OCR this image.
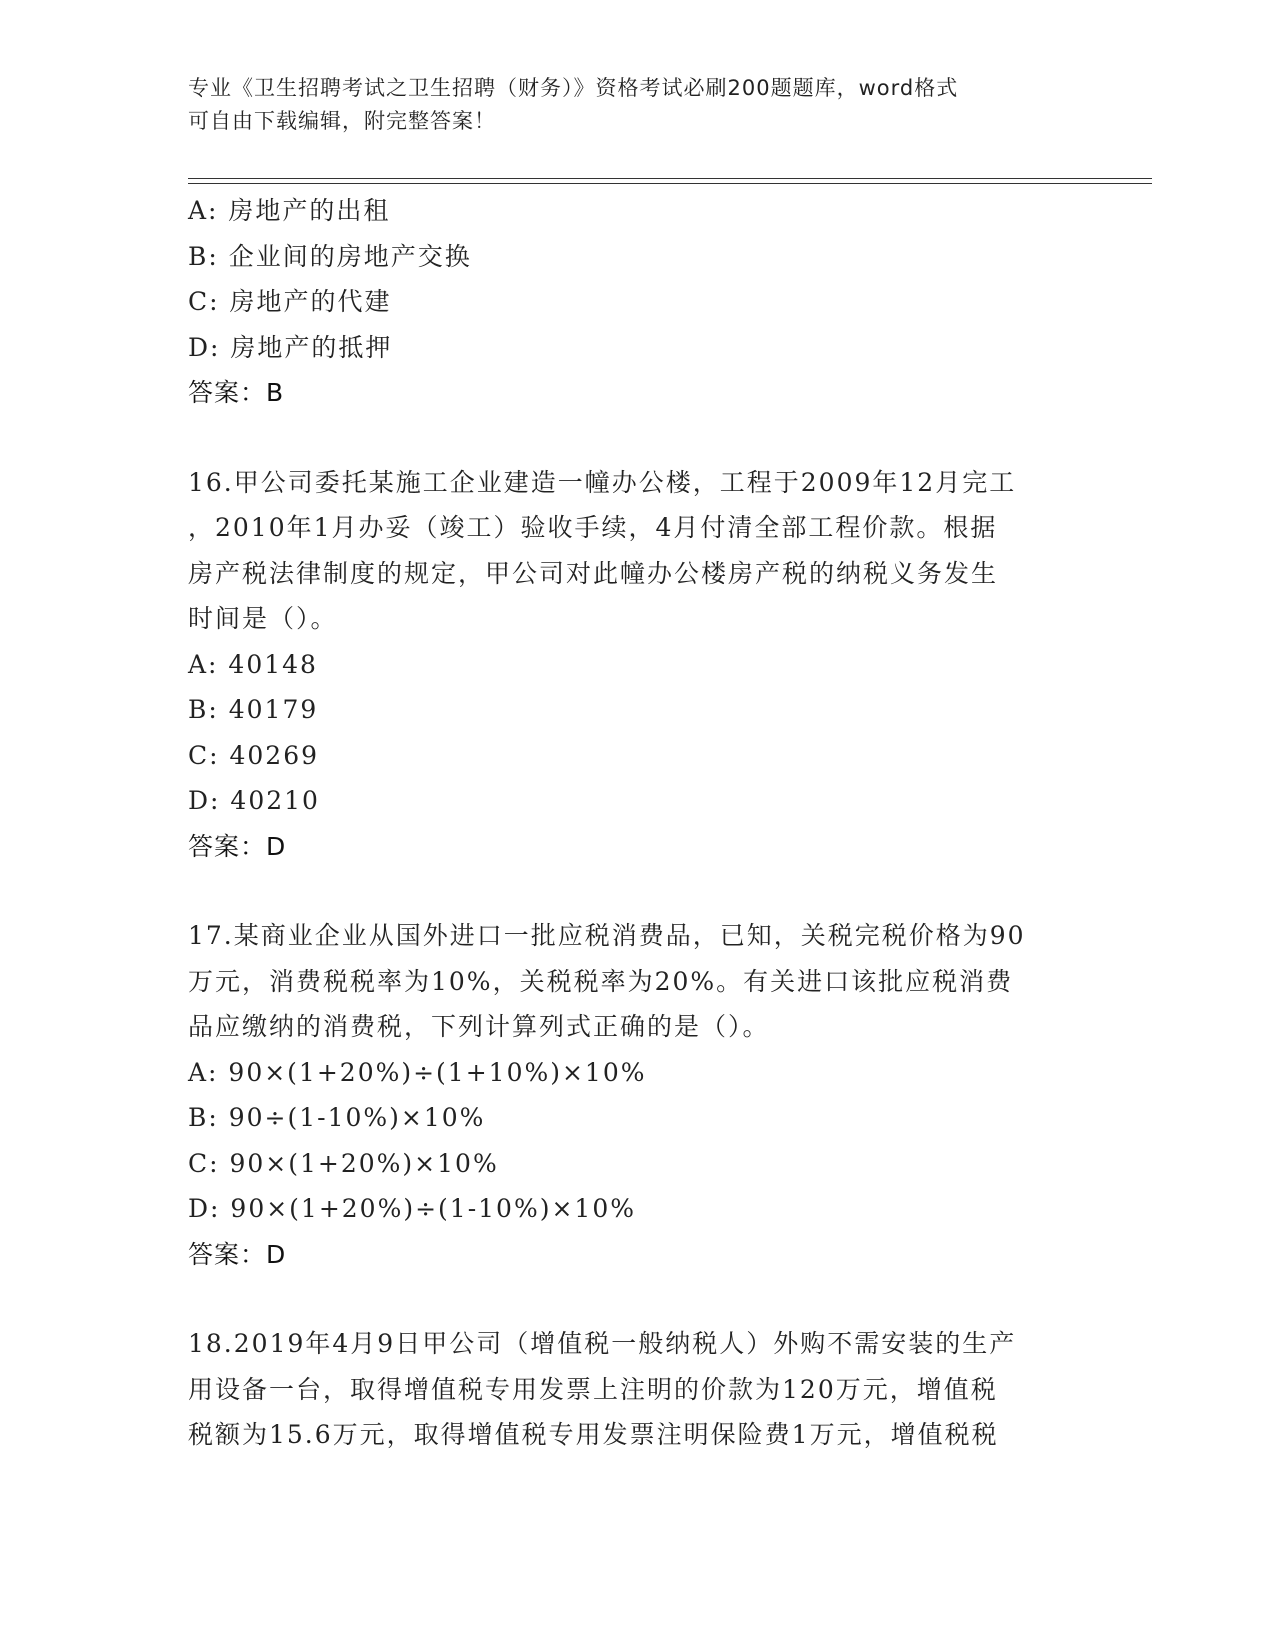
专业《卫生招聘考试之卫生招聘（财务）》资格考试必刷200题题库，word格式
可自由下载编辑，附完整答案！
A: 房地产的出租
B: 企业间的房地产交换
C: 房地产的代建
D: 房地产的抵押
答案：B
16.甲公司委托某施工企业建造一幢办公楼，工程于2009年12月完工
，2010年1月办妥（竣工）验收手续，4月付清全部工程价款。根据
房产税法律制度的规定，甲公司对此幢办公楼房产税的纳税义务发生
时间是（）。
A: 40148
B: 40179
C: 40269
D: 40210
答案：D
17.某商业企业从国外进口一批应税消费品，已知，关税完税价格为90
万元，消费税税率为10%，关税税率为20%。有关进口该批应税消费
品应缴纳的消费税，下列计算列式正确的是（）。
A: 90×(1+20%)÷(1+10%)×10%
B: 90÷(1-10%)×10%
C: 90×(1+20%)×10%
D: 90×(1+20%)÷(1-10%)×10%
答案：D
18.2019年4月9日甲公司（增值税一般纳税人）外购不需安装的生产
用设备一台，取得增值税专用发票上注明的价款为120万元，增值税
税额为15.6万元，取得增值税专用发票注明保险费1万元，增值税税
